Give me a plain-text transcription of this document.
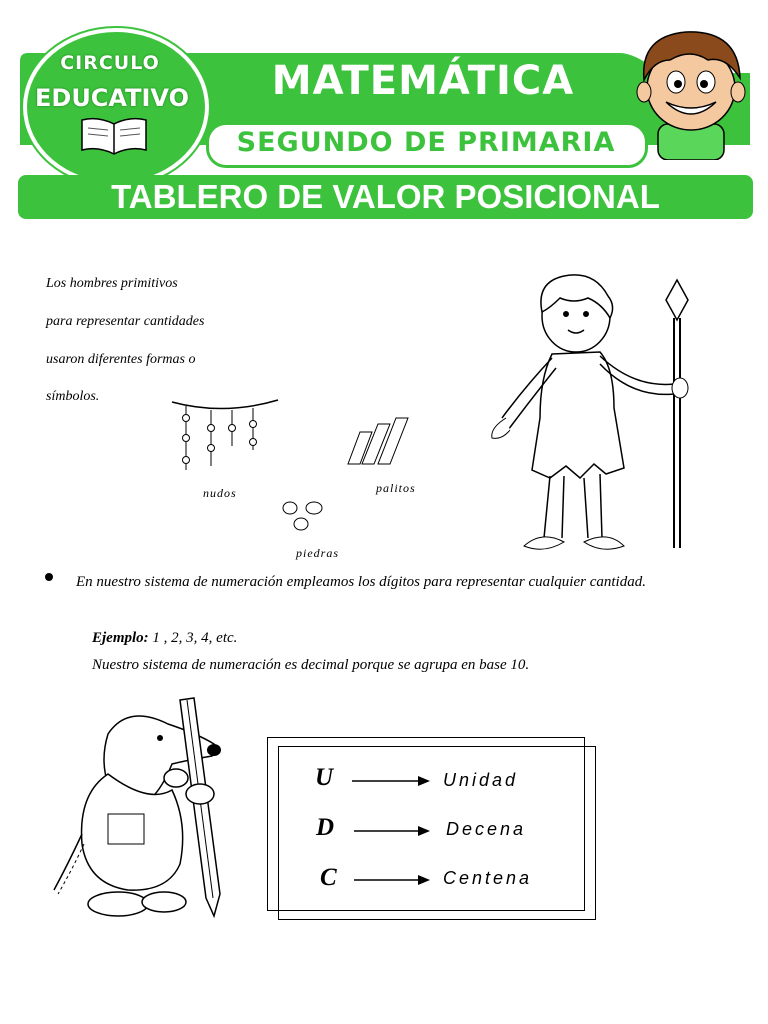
CIRCULO
EDUCATIVO	MATEMÁTICA
SEGUNDO DE PRIMARIA
TABLERO DE VALOR POSICIONAL
Los hombres primitivos
para representar cantidades
usaron diferentes formas o
símbolos.
nudos	palitos
piedras
En nuestro sistema de numeración empleamos los dígitos para representar cualquier cantidad.
Ejemplo: 1 , 2, 3, 4, etc.
Nuestro sistema de numeración es decimal porque se agrupa en base 10.
U	Unidad
D	Decena
C	Centena
